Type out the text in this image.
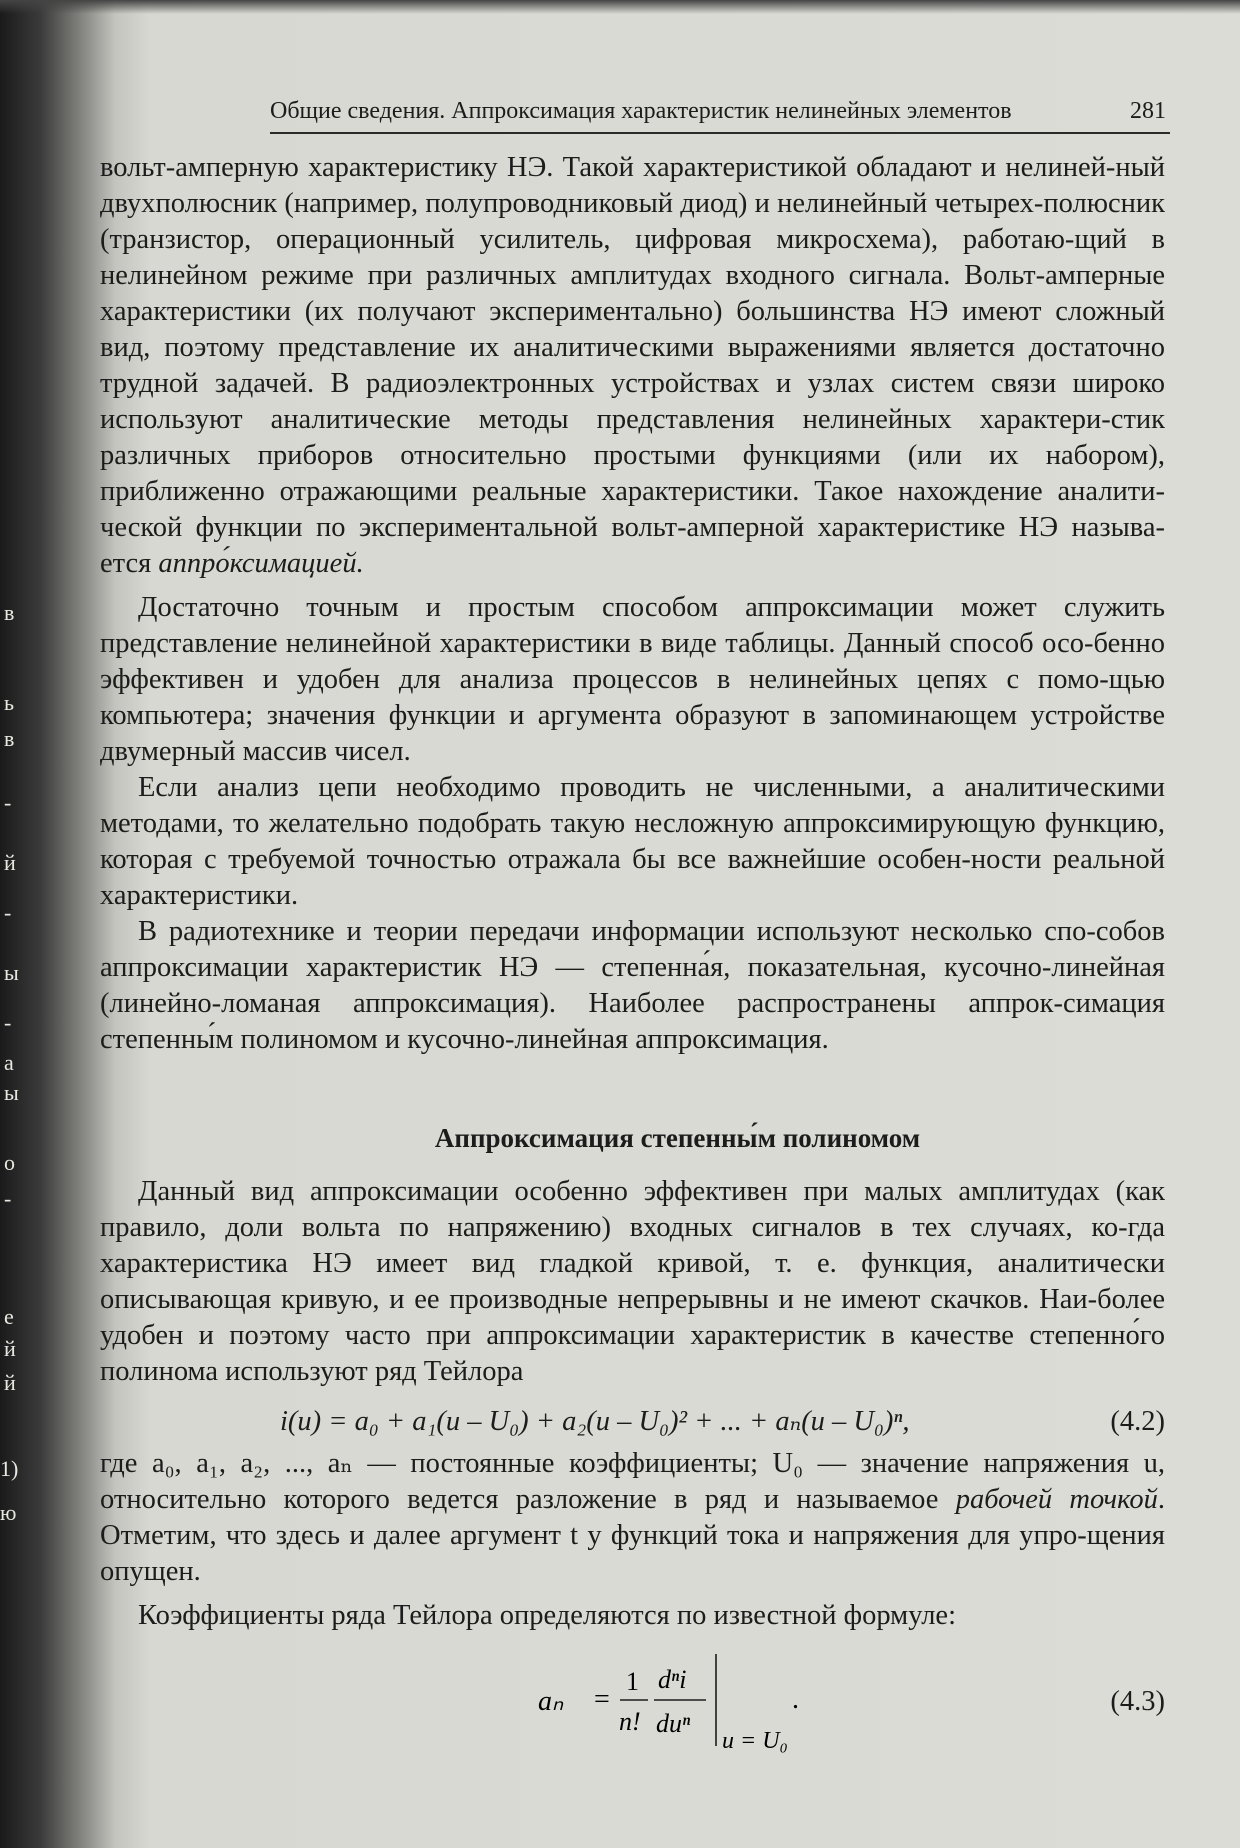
Общие сведения. Аппроксимация характеристик нелинейных элементов	281

вольт-амперную характеристику НЭ. Такой характеристикой обладают и нелиней-ный двухполюсник (например, полупроводниковый диод) и нелинейный четырех-полюсник (транзистор, операционный усилитель, цифровая микросхема), работаю-щий в нелинейном режиме при различных амплитудах входного сигнала. Вольт-амперные характеристики (их получают экспериментально) большинства НЭ имеют сложный вид, поэтому представление их аналитическими выражениями является достаточно трудной задачей. В радиоэлектронных устройствах и узлах систем связи широко используют аналитические методы представления нелинейных характери-стик различных приборов относительно простыми функциями (или их набором), приближенно отражающими реальные характеристики. Такое нахождение аналити-ческой функции по экспериментальной вольт-амперной характеристике НЭ называ-ется аппро́ксимацией.

Достаточно точным и простым способом аппроксимации может служить представление нелинейной характеристики в виде таблицы. Данный способ осо-бенно эффективен и удобен для анализа процессов в нелинейных цепях с помо-щью компьютера; значения функции и аргумента образуют в запоминающем устройстве двумерный массив чисел.

Если анализ цепи необходимо проводить не численными, а аналитическими методами, то желательно подобрать такую несложную аппроксимирующую функцию, которая с требуемой точностью отражала бы все важнейшие особен-ности реальной характеристики.

В радиотехнике и теории передачи информации используют несколько спо-собов аппроксимации характеристик НЭ — степенна́я, показательная, кусочно-линейная (линейно-ломаная аппроксимация). Наиболее распространены аппрок-симация степенны́м полиномом и кусочно-линейная аппроксимация.

Аппроксимация степенны́м полиномом

Данный вид аппроксимации особенно эффективен при малых амплитудах (как правило, доли вольта по напряжению) входных сигналов в тех случаях, ко-гда характеристика НЭ имеет вид гладкой кривой, т. е. функция, аналитически описывающая кривую, и ее производные непрерывны и не имеют скачков. Наи-более удобен и поэтому часто при аппроксимации характеристик в качестве степенно́го полинома используют ряд Тейлора

i(u) = a₀ + a₁(u – U₀) + a₂(u – U₀)² + ... + aₙ(u – U₀)ⁿ,	(4.2)

где a₀, a₁, a₂, ..., aₙ — постоянные коэффициенты; U₀ — значение напряжения u, относительно которого ведется разложение в ряд и называемое рабочей точкой. Отметим, что здесь и далее аргумент t у функций тока и напряжения для упро-щения опущен.

Коэффициенты ряда Тейлора определяются по известной формуле:

aₙ =
1
n!
dⁿi
duⁿ
u = U₀
.	(4.3)
в
ь
в
-
й
-
ы
-
а
ы
о
-
е
й
й
1)
ю
